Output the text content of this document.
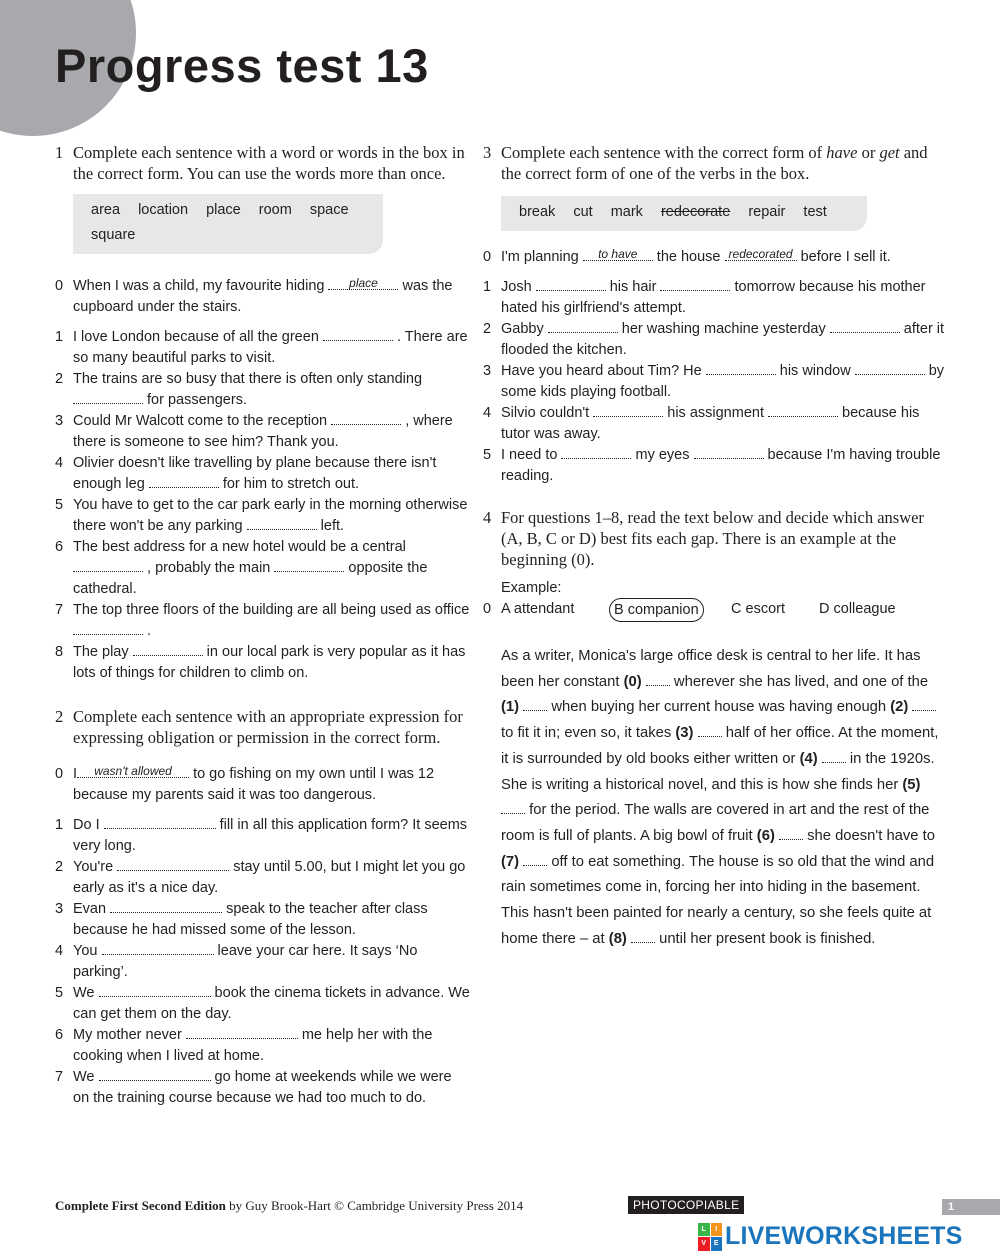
Progress test 13
1 Complete each sentence with a word or words in the box in the correct form. You can use the words more than once.
area location place room space square
0 When I was a child, my favourite hiding place was the cupboard under the stairs.
1 I love London because of all the green	. There are so many beautiful parks to visit.
2 The trains are so busy that there is often only standing  for passengers.
3 Could Mr Walcott come to the reception	, where there is someone to see him? Thank you.
4 Olivier doesn't like travelling by plane because there isn't enough leg	for him to stretch out.
5 You have to get to the car park early in the morning otherwise there won't be any parking	left.
6 The best address for a new hotel would be a central  , probably the main	opposite the cathedral.
7 The top three floors of the building are all being used as office  .
8 The play	in our local park is very popular as it has lots of things for children to climb on.
2 Complete each sentence with an appropriate expression for expressing obligation or permission in the correct form.
0 I wasn't allowed to go fishing on my own until I was 12 because my parents said it was too dangerous.
1 Do I	fill in all this application form? It seems very long.
2 You're	stay until 5.00, but I might let you go early as it's a nice day.
3 Evan	speak to the teacher after class because he had missed some of the lesson.
4 You	leave your car here. It says ‘No parking’.
5 We	book the cinema tickets in advance. We can get them on the day.
6 My mother never	me help her with the cooking when I lived at home.
7 We	go home at weekends while we were on the training course because we had too much to do.
3 Complete each sentence with the correct form of have or get and the correct form of one of the verbs in the box.
break cut mark redecorate repair test
0 I'm planning to have the house redecorated before I sell it.
1 Josh	his hair	tomorrow because his mother hated his girlfriend's attempt.
2 Gabby	her washing machine yesterday	after it flooded the kitchen.
3 Have you heard about Tim? He	his window	by some kids playing football.
4 Silvio couldn't	his assignment	because his tutor was away.
5 I need to	my eyes	because I'm having trouble reading.
4 For questions 1–8, read the text below and decide which answer (A, B, C or D) best fits each gap. There is an example at the beginning (0).
Example:
0 A attendant	B companion	C escort	D colleague

As a writer, Monica's large office desk is central to her life. It has been her constant (0)  wherever she has lived, and one of the (1)  when buying her current house was having enough (2)  to fit it in; even so, it takes (3)  half of her office. At the moment, it is surrounded by old books either written or (4)  in the 1920s. She is writing a historical novel, and this is how she finds her (5)  for the period. The walls are covered in art and the rest of the room is full of plants. A big bowl of fruit (6)  she doesn't have to (7)  off to eat something. The house is so old that the wind and rain sometimes come in, forcing her into hiding in the basement. This hasn't been painted for nearly a century, so she feels quite at home there – at (8)  until her present book is finished.

Complete First Second Edition by Guy Brook-Hart © Cambridge University Press 2014	PHOTOCOPIABLE	1
L	I
V	E LIVEWORKSHEETS
